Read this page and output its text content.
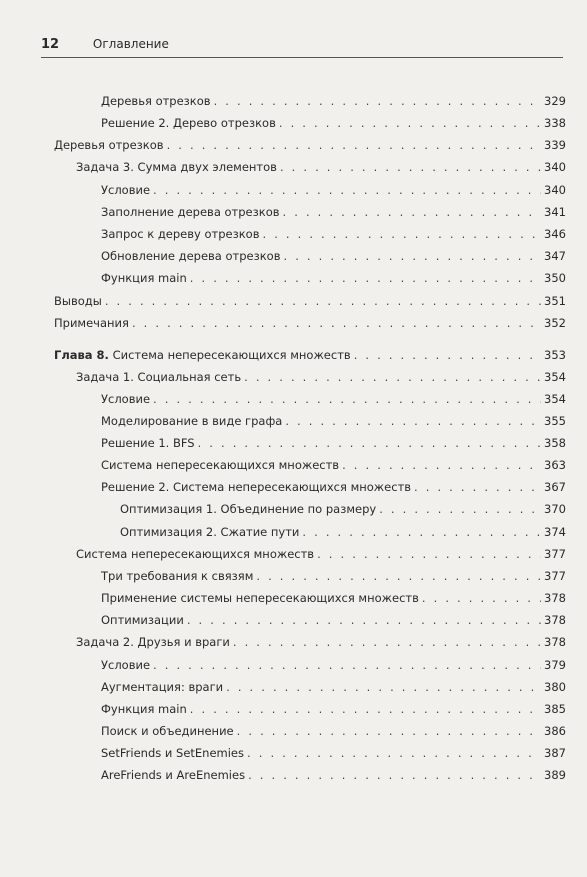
12	Оглавление
Деревья отрезков . . .	329
Решение 2. Дерево отрезков . . .	338
Деревья отрезков . . .	339
Задача 3. Сумма двух элементов . . .	340
Условие . . .	340
Заполнение дерева отрезков . . .	341
Запрос к дереву отрезков . . .	346
Обновление дерева отрезков . . .	347
Функция main . . .	350
Выводы . . .	351
Примечания . . .	352
Глава 8. Система непересекающихся множеств . . .	353
Задача 1. Социальная сеть . . .	354
Условие . . .	354
Моделирование в виде графа . . .	355
Решение 1. BFS . . .	358
Система непересекающихся множеств . . .	363
Решение 2. Система непересекающихся множеств . . .	367
Оптимизация 1. Объединение по размеру . . .	370
Оптимизация 2. Сжатие пути . . .	374
Система непересекающихся множеств . . .	377
Три требования к связям . . .	377
Применение системы непересекающихся множеств . . .	378
Оптимизации . . .	378
Задача 2. Друзья и враги . . .	378
Условие . . .	379
Аугментация: враги . . .	380
Функция main . . .	385
Поиск и объединение . . .	386
SetFriends и SetEnemies . . .	387
AreFriends и AreEnemies . . .	389
